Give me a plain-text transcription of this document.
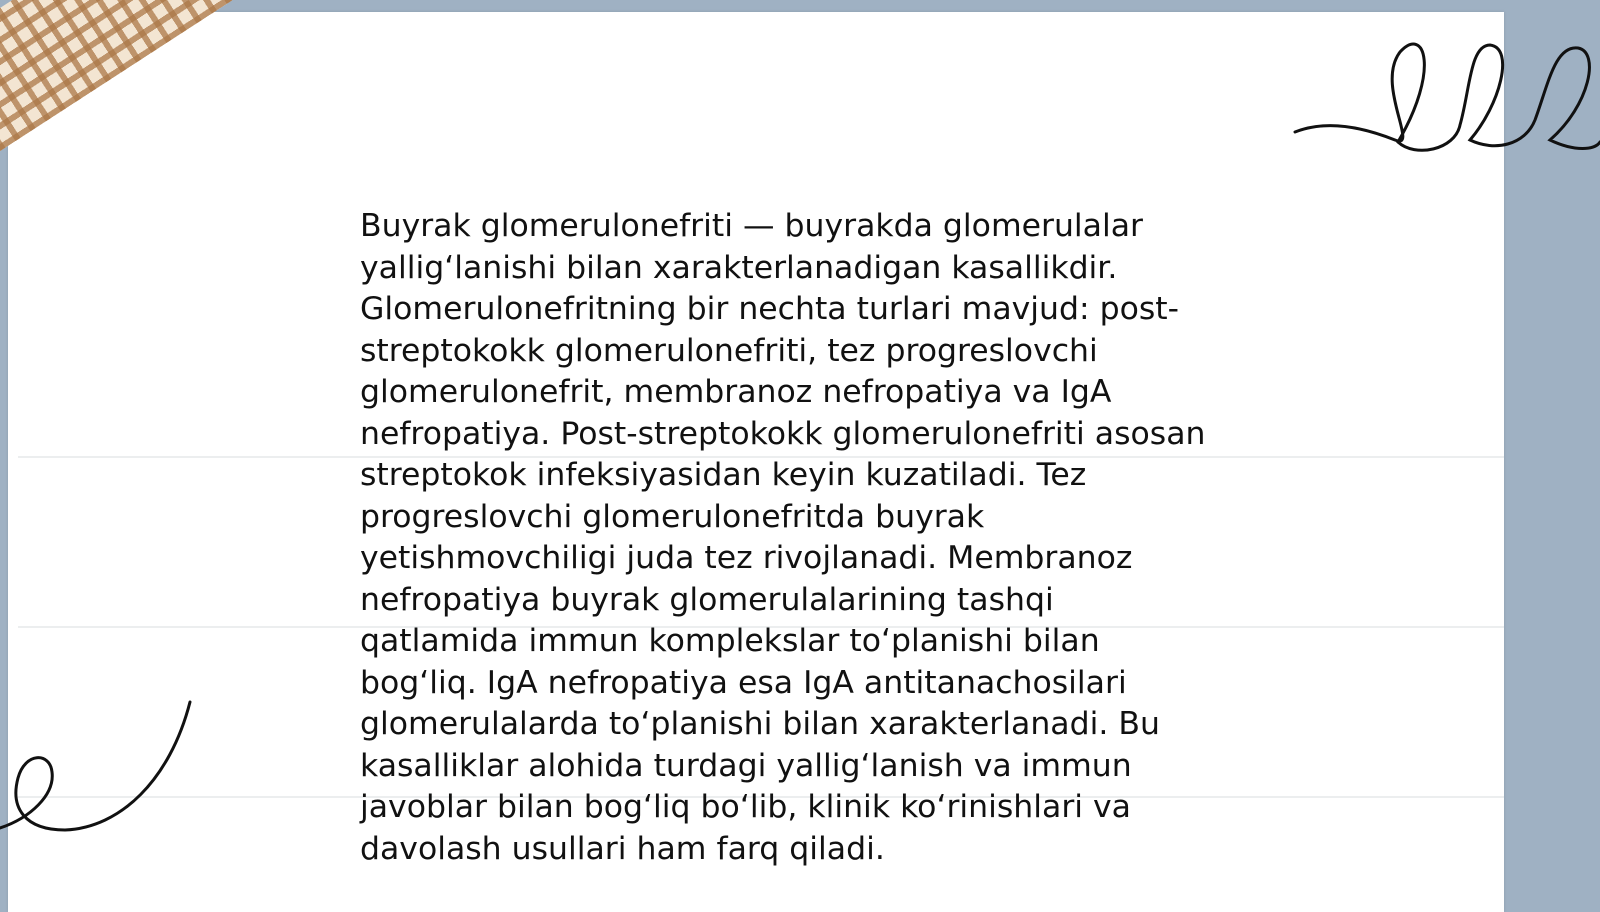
Buyrak glomerulonefriti — buyrakda glomerulalar
yallig‘lanishi bilan xarakterlanadigan kasallikdir.
Glomerulonefritning bir nechta turlari mavjud: post-
streptokokk glomerulonefriti, tez progreslovchi
glomerulonefrit, membranoz nefropatiya va IgA
nefropatiya. Post-streptokokk glomerulonefriti asosan
streptokok infeksiyasidan keyin kuzatiladi. Tez
progreslovchi glomerulonefritda buyrak
yetishmovchiligi juda tez rivojlanadi. Membranoz
nefropatiya buyrak glomerulalarining tashqi
qatlamida immun komplekslar to‘planishi bilan
bog‘liq. IgA nefropatiya esa IgA antitanachosilari
glomerulalarda to‘planishi bilan xarakterlanadi. Bu
kasalliklar alohida turdagi yallig‘lanish va immun
javoblar bilan bog‘liq bo‘lib, klinik ko‘rinishlari va
davolash usullari ham farq qiladi.
